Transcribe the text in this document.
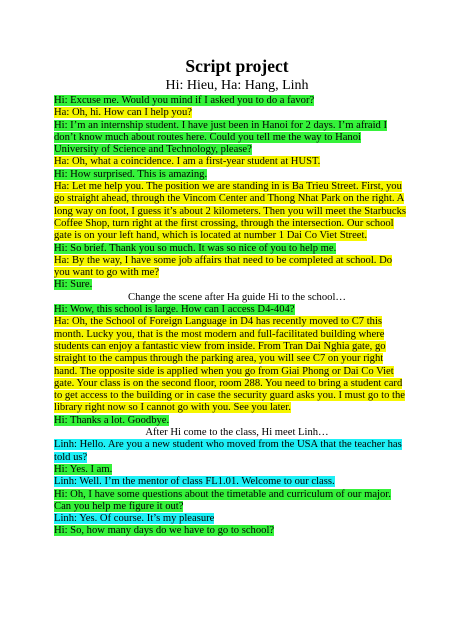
Script project
Hi: Hieu, Ha: Hang, Linh
Hi: Excuse me. Would you mind if I asked you to do a favor?
Ha: Oh, hi. How can I help you?
Hi: I’m an internship student. I have just been in Hanoi for 2 days. I’m afraid I
don’t know much about routes here. Could you tell me the way to Hanoi
University of Science and Technology, please?
Ha: Oh, what a coincidence. I am a first-year student at HUST.
Hi: How surprised. This is amazing.
Ha: Let me help you. The position we are standing in is Ba Trieu Street. First, you
go straight ahead, through the Vincom Center and Thong Nhat Park on the right. A
long way on foot, I guess it’s about 2 kilometers. Then you will meet the Starbucks
Coffee Shop, turn right at the first crossing, through the intersection. Our school
gate is on your left hand, which is located at number 1 Dai Co Viet Street.
Hi: So brief. Thank you so much. It was so nice of you to help me.
Ha: By the way, I have some job affairs that need to be completed at school. Do
you want to go with me?
Hi: Sure.
Change the scene after Ha guide Hi to the school…
Hi: Wow, this school is large. How can I access D4-404?
Ha: Oh, the School of Foreign Language in D4 has recently moved to C7 this
month. Lucky you, that is the most modern and full-facilitated building where
students can enjoy a fantastic view from inside. From Tran Dai Nghia gate, go
straight to the campus through the parking area, you will see C7 on your right
hand. The opposite side is applied when you go from Giai Phong or Dai Co Viet
gate. Your class is on the second floor, room 288. You need to bring a student card
to get access to the building or in case the security guard asks you. I must go to the
library right now so I cannot go with you. See you later.
Hi: Thanks a lot. Goodbye.
After Hi come to the class, Hi meet Linh…
Linh: Hello. Are you a new student who moved from the USA that the teacher has
told us?
Hi: Yes. I am.
Linh: Well. I’m the mentor of class FL1.01. Welcome to our class.
Hi: Oh, I have some questions about the timetable and curriculum of our major.
Can you help me figure it out?
Linh: Yes. Of course. It’s my pleasure
Hi: So, how many days do we have to go to school?
